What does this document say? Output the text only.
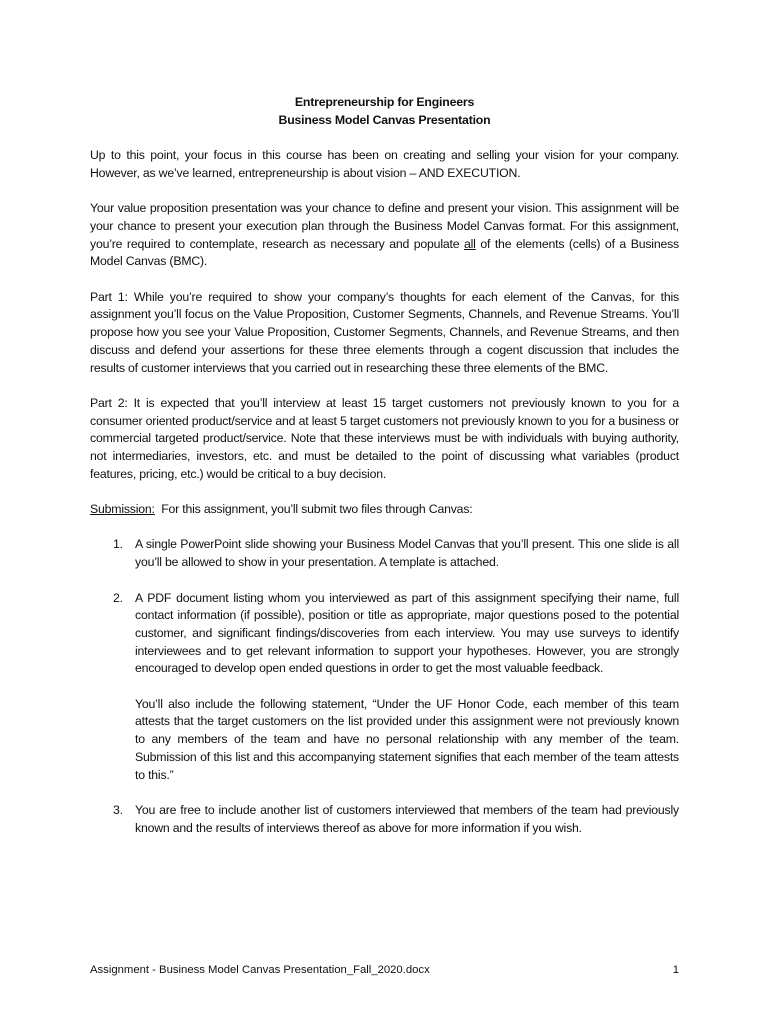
Entrepreneurship for Engineers
Business Model Canvas Presentation

Up to this point, your focus in this course has been on creating and selling your vision for your company. However, as we’ve learned, entrepreneurship is about vision – AND EXECUTION.

Your value proposition presentation was your chance to define and present your vision. This assignment will be your chance to present your execution plan through the Business Model Canvas format. For this assignment, you’re required to contemplate, research as necessary and populate all of the elements (cells) of a Business Model Canvas (BMC).

Part 1: While you’re required to show your company’s thoughts for each element of the Canvas, for this assignment you’ll focus on the Value Proposition, Customer Segments, Channels, and Revenue Streams. You’ll propose how you see your Value Proposition, Customer Segments, Channels, and Revenue Streams, and then discuss and defend your assertions for these three elements through a cogent discussion that includes the results of customer interviews that you carried out in researching these three elements of the BMC.

Part 2: It is expected that you’ll interview at least 15 target customers not previously known to you for a consumer oriented product/service and at least 5 target customers not previously known to you for a business or commercial targeted product/service. Note that these interviews must be with individuals with buying authority, not intermediaries, investors, etc. and must be detailed to the point of discussing what variables (product features, pricing, etc.) would be critical to a buy decision.

Submission:  For this assignment, you’ll submit two files through Canvas:

1. A single PowerPoint slide showing your Business Model Canvas that you’ll present. This one slide is all you’ll be allowed to show in your presentation. A template is attached.

2. A PDF document listing whom you interviewed as part of this assignment specifying their name, full contact information (if possible), position or title as appropriate, major questions posed to the potential customer, and significant findings/discoveries from each interview. You may use surveys to identify interviewees and to get relevant information to support your hypotheses. However, you are strongly encouraged to develop open ended questions in order to get the most valuable feedback.

You’ll also include the following statement, “Under the UF Honor Code, each member of this team attests that the target customers on the list provided under this assignment were not previously known to any members of the team and have no personal relationship with any member of the team. Submission of this list and this accompanying statement signifies that each member of the team attests to this.”

3. You are free to include another list of customers interviewed that members of the team had previously known and the results of interviews thereof as above for more information if you wish.

Assignment - Business Model Canvas Presentation_Fall_2020.docx	1
